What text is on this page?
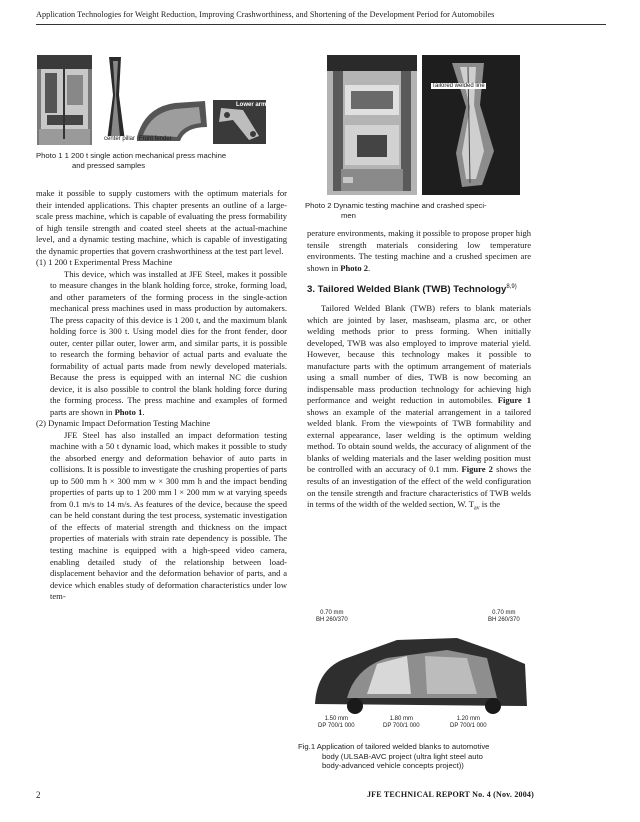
Application Technologies for Weight Reduction, Improving Crashworthiness, and Shortening of the Development Period for Automobiles
center pillar Front fender
Lower arm
Photo 1 1 200 t single action mechanical press machine
and pressed samples
Tailored welded line
Photo 2 Dynamic testing machine and crashed speci-
men

make it possible to supply customers with the optimum materials for their intended applications. This chapter presents an outline of a large-scale press machine, which is capable of evaluating the press formability of high tensile strength and coated steel sheets at the actual-machine level, and a dynamic testing machine, which is capable of investigating the dynamic properties that govern crashworthiness at the test part level.

(1) 1 200 t Experimental Press Machine

This device, which was installed at JFE Steel, makes it possible to measure changes in the blank holding force, stroke, forming load, and other parameters of the forming process in the single-action mechanical press machines used in mass production by automakers. The press capacity of this device is 1 200 t, and the maximum blank holding force is 300 t. Using model dies for the front fender, door outer, center pillar outer, lower arm, and similar parts, it is possible to research the forming behavior of actual parts and evaluate the formability of actual parts made from newly developed materials. Because the press is equipped with an internal NC die cushion device, it is also possible to control the blank holding force during the forming process. The press machine and examples of formed parts are shown in Photo 1.

(2) Dynamic Impact Deformation Testing Machine

JFE Steel has also installed an impact deformation testing machine with a 50 t dynamic load, which makes it possible to study the absorbed energy and deformation behavior of auto parts in collisions. It is possible to investigate the crushing properties of parts up to 500 mm h × 300 mm w × 300 mm h and the impact bending properties of parts up to 1 200 mm l × 200 mm w at varying speeds from 0.1 m/s to 14 m/s. As features of the device, because the speed can be held constant during the test process, systematic investigation of the effects of material strength and thickness on the impact properties of materials with strain rate dependency is possible. The testing machine is equipped with a high-speed video camera, enabling detailed study of the relationship between load-displacement behavior and the deformation behavior of parts, and a device which enables study of deformation characteristics under low tem-

perature environments, making it possible to propose proper high tensile strength materials considering low temperature environments. The testing machine and a crushed specimen are shown in Photo 2.

3. Tailored Welded Blank (TWB) Technology$^{8,9)}$

Tailored Welded Blank (TWB) refers to blank materials which are jointed by laser, mashseam, plasma arc, or other welding methods prior to press forming. When initially developed, TWB was also employed to improve material yield. However, because this technology makes it possible to manufacture parts with the optimum arrangement of materials using a small number of dies, TWB is now becoming an indispensable mass production technology for achieving high performance and weight reduction in automobiles. Figure 1 shows an example of the material arrangement in a tailored welded blank. From the viewpoints of TWB formability and external appearance, laser welding is the optimum welding method. To obtain sound welds, the accuracy of alignment of the blanks of welding materials and the laser welding position must be controlled with an accuracy of 0.1 mm. Figure 2 shows the results of an investigation of the effect of the weld configuration on the tensile strength and fracture characteristics of TWB welds in terms of the width of the welded section, W. $T_{av}$ is the

0.70 mm
BH 260/370
0.70 mm
BH 260/370
1.50 mm
DP 700/1 000
1.80 mm
DP 700/1 000
1.20 mm
DP 700/1 000
Fig.1 Application of tailored welded blanks to automotive
body (ULSAB-AVC project (ultra light steel auto
body-advanced vehicle concepts project))
2	JFE TECHNICAL REPORT No. 4 (Nov. 2004)
